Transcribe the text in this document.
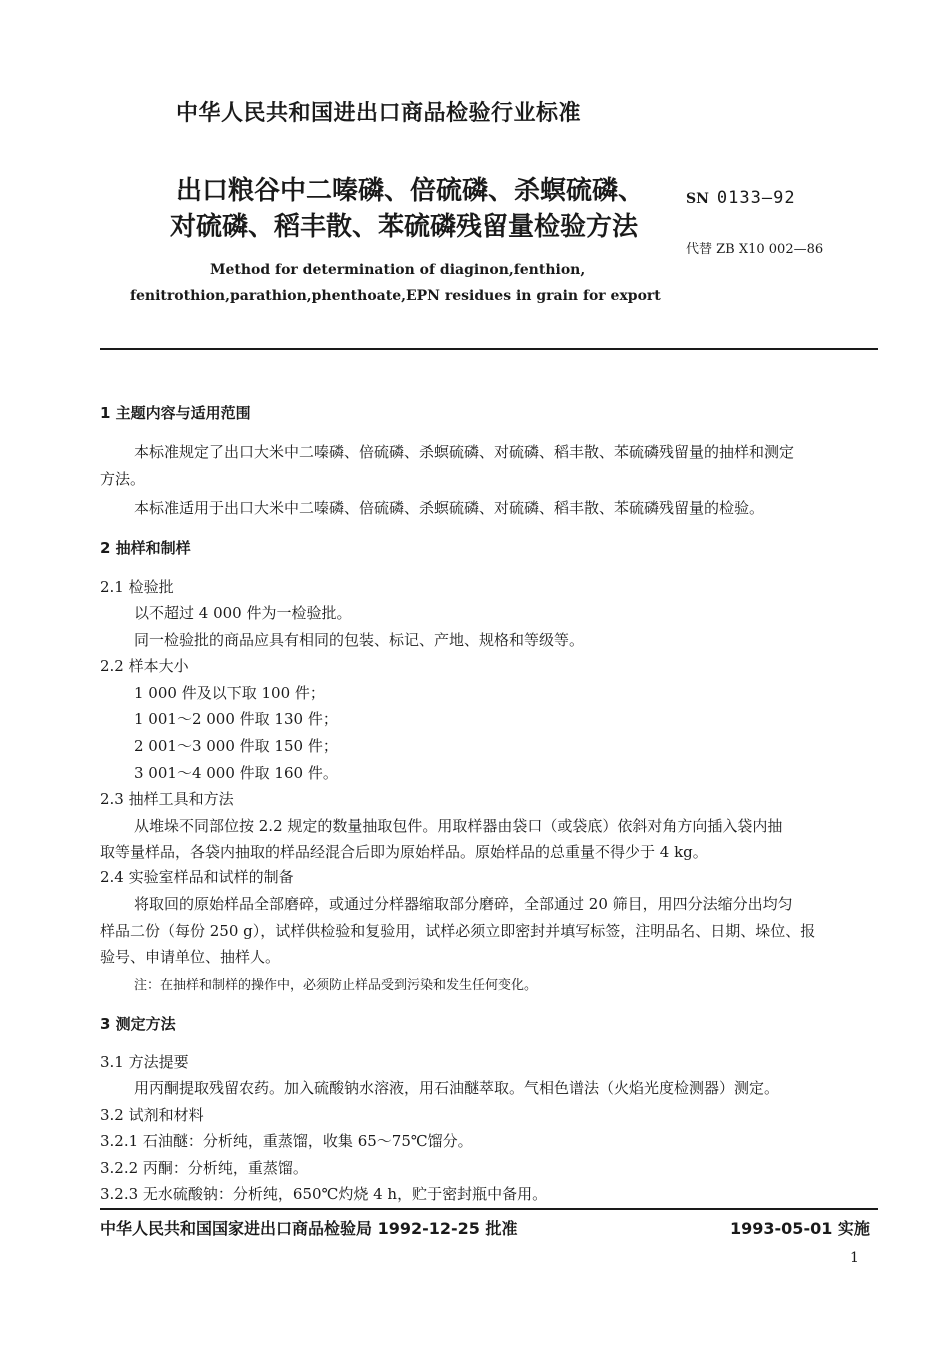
中华人民共和国进出口商品检验行业标准
出口粮谷中二嗪磷、倍硫磷、杀螟硫磷、
对硫磷、稻丰散、苯硫磷残留量检验方法
SN 0133—92
代替 ZB X10 002—86
Method for determination of diaginon,fenthion,
fenitrothion,parathion,phenthoate,EPN residues in grain for export
1 主题内容与适用范围
本标准规定了出口大米中二嗪磷、倍硫磷、杀螟硫磷、对硫磷、稻丰散、苯硫磷残留量的抽样和测定
方法。
本标准适用于出口大米中二嗪磷、倍硫磷、杀螟硫磷、对硫磷、稻丰散、苯硫磷残留量的检验。
2 抽样和制样
2.1 检验批
以不超过 4 000 件为一检验批。
同一检验批的商品应具有相同的包装、标记、产地、规格和等级等。
2.2 样本大小
1 000 件及以下取 100 件；
1 001～2 000 件取 130 件；
2 001～3 000 件取 150 件；
3 001～4 000 件取 160 件。
2.3 抽样工具和方法
从堆垛不同部位按 2.2 规定的数量抽取包件。用取样器由袋口（或袋底）依斜对角方向插入袋内抽
取等量样品，各袋内抽取的样品经混合后即为原始样品。原始样品的总重量不得少于 4 kg。
2.4 实验室样品和试样的制备
将取回的原始样品全部磨碎，或通过分样器缩取部分磨碎，全部通过 20 筛目，用四分法缩分出均匀
样品二份（每份 250 g），试样供检验和复验用，试样必须立即密封并填写标签，注明品名、日期、垛位、报
验号、申请单位、抽样人。
注：在抽样和制样的操作中，必须防止样品受到污染和发生任何变化。
3 测定方法
3.1 方法提要
用丙酮提取残留农药。加入硫酸钠水溶液，用石油醚萃取。气相色谱法（火焰光度检测器）测定。
3.2 试剂和材料
3.2.1 石油醚：分析纯，重蒸馏，收集 65～75℃馏分。
3.2.2 丙酮：分析纯，重蒸馏。
3.2.3 无水硫酸钠：分析纯，650℃灼烧 4 h，贮于密封瓶中备用。
中华人民共和国国家进出口商品检验局 1992-12-25 批准	1993-05-01 实施
1
